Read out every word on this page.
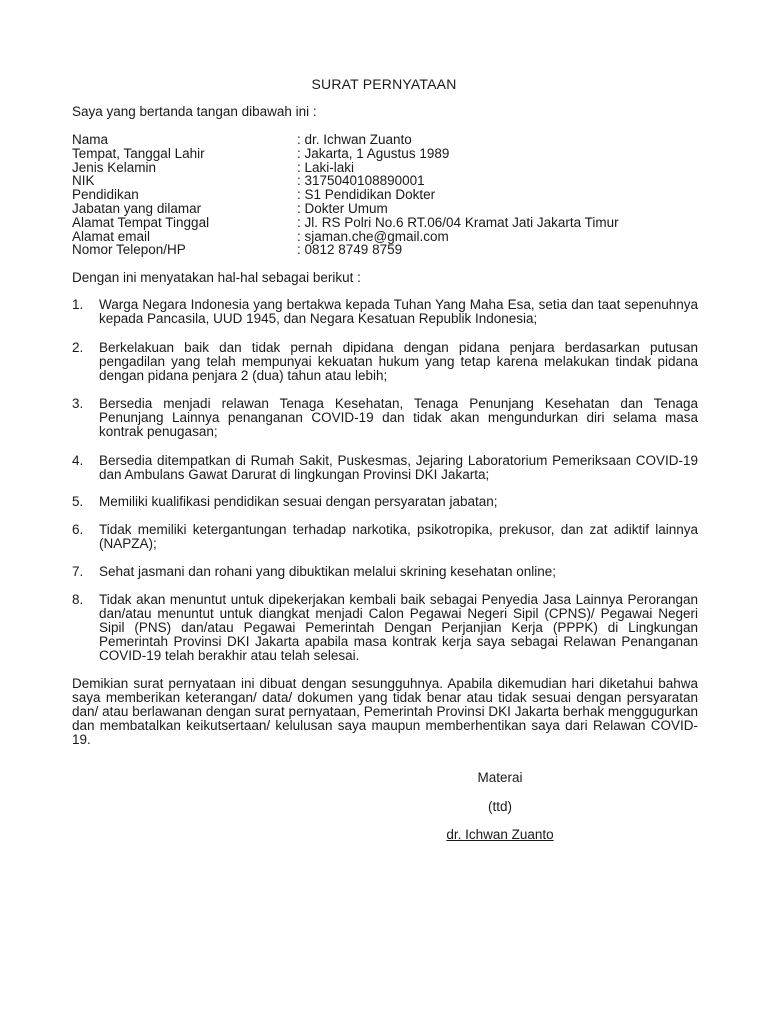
SURAT PERNYATAAN
Saya yang bertanda tangan dibawah ini :
Nama	: dr. Ichwan Zuanto
Tempat, Tanggal Lahir	: Jakarta, 1 Agustus 1989
Jenis Kelamin	: Laki-laki
NIK	: 3175040108890001
Pendidikan	: S1 Pendidikan Dokter
Jabatan yang dilamar	: Dokter Umum
Alamat Tempat Tinggal	: Jl. RS Polri No.6 RT.06/04 Kramat Jati Jakarta Timur
Alamat email	: sjaman.che@gmail.com
Nomor Telepon/HP	: 0812 8749 8759
Dengan ini menyatakan hal-hal sebagai berikut :
1.	Warga Negara Indonesia yang bertakwa kepada Tuhan Yang Maha Esa, setia dan taat sepenuhnya kepada Pancasila, UUD 1945, dan Negara Kesatuan Republik Indonesia;
2.	Berkelakuan baik dan tidak pernah dipidana dengan pidana penjara berdasarkan putusan pengadilan yang telah mempunyai kekuatan hukum yang tetap karena melakukan tindak pidana dengan pidana penjara 2 (dua) tahun atau lebih;
3.	Bersedia menjadi relawan Tenaga Kesehatan, Tenaga Penunjang Kesehatan dan Tenaga Penunjang Lainnya penanganan COVID-19 dan tidak akan mengundurkan diri selama masa kontrak penugasan;
4.	Bersedia ditempatkan di Rumah Sakit, Puskesmas, Jejaring Laboratorium Pemeriksaan COVID-19 dan Ambulans Gawat Darurat di lingkungan Provinsi DKI Jakarta;
5.	Memiliki kualifikasi pendidikan sesuai dengan persyaratan jabatan;
6.	Tidak memiliki ketergantungan terhadap narkotika, psikotropika, prekusor, dan zat adiktif lainnya (NAPZA);
7.	Sehat jasmani dan rohani yang dibuktikan melalui skrining kesehatan online;
8.	Tidak akan menuntut untuk dipekerjakan kembali baik sebagai Penyedia Jasa Lainnya Perorangan dan/atau menuntut untuk diangkat menjadi Calon Pegawai Negeri Sipil (CPNS)/ Pegawai Negeri Sipil (PNS) dan/atau Pegawai Pemerintah Dengan Perjanjian Kerja (PPPK) di Lingkungan Pemerintah Provinsi DKI Jakarta apabila masa kontrak kerja saya sebagai Relawan Penanganan COVID-19 telah berakhir atau telah selesai.
Demikian surat pernyataan ini dibuat dengan sesungguhnya. Apabila dikemudian hari diketahui bahwa saya memberikan keterangan/ data/ dokumen yang tidak benar atau tidak sesuai dengan persyaratan dan/ atau berlawanan dengan surat pernyataan, Pemerintah Provinsi DKI Jakarta berhak menggugurkan dan membatalkan keikutsertaan/ kelulusan saya maupun memberhentikan saya dari Relawan COVID-19.
Materai
(ttd)
dr. Ichwan Zuanto
